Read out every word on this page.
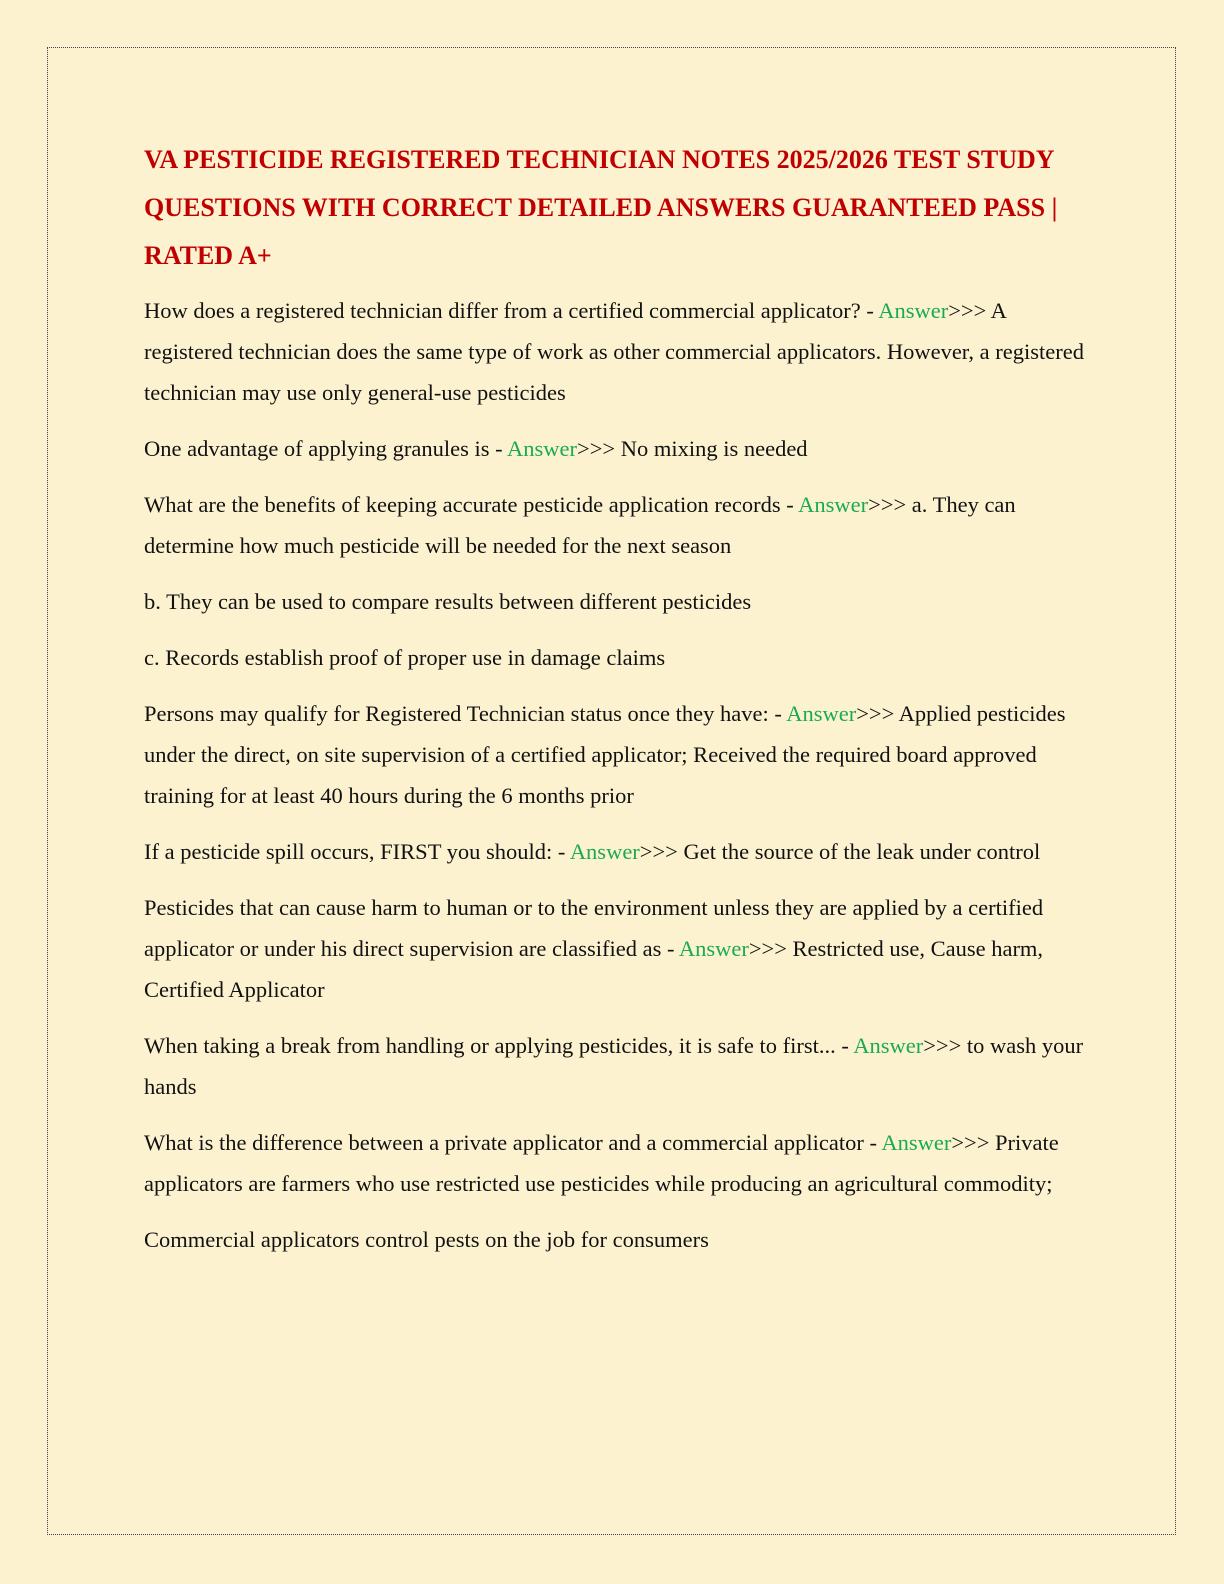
VA PESTICIDE REGISTERED TECHNICIAN NOTES 2025/2026 TEST STUDY QUESTIONS WITH CORRECT DETAILED ANSWERS GUARANTEED PASS | RATED A+

How does a registered technician differ from a certified commercial applicator? - Answer>>> A registered technician does the same type of work as other commercial applicators. However, a registered technician may use only general-use pesticides

One advantage of applying granules is - Answer>>> No mixing is needed

What are the benefits of keeping accurate pesticide application records - Answer>>> a. They can determine how much pesticide will be needed for the next season

b. They can be used to compare results between different pesticides

c. Records establish proof of proper use in damage claims

Persons may qualify for Registered Technician status once they have: - Answer>>> Applied pesticides under the direct, on site supervision of a certified applicator; Received the required board approved training for at least 40 hours during the 6 months prior

If a pesticide spill occurs, FIRST you should: - Answer>>> Get the source of the leak under control

Pesticides that can cause harm to human or to the environment unless they are applied by a certified applicator or under his direct supervision are classified as - Answer>>> Restricted use, Cause harm, Certified Applicator

When taking a break from handling or applying pesticides, it is safe to first... - Answer>>> to wash your hands

What is the difference between a private applicator and a commercial applicator - Answer>>> Private applicators are farmers who use restricted use pesticides while producing an agricultural commodity;

Commercial applicators control pests on the job for consumers
